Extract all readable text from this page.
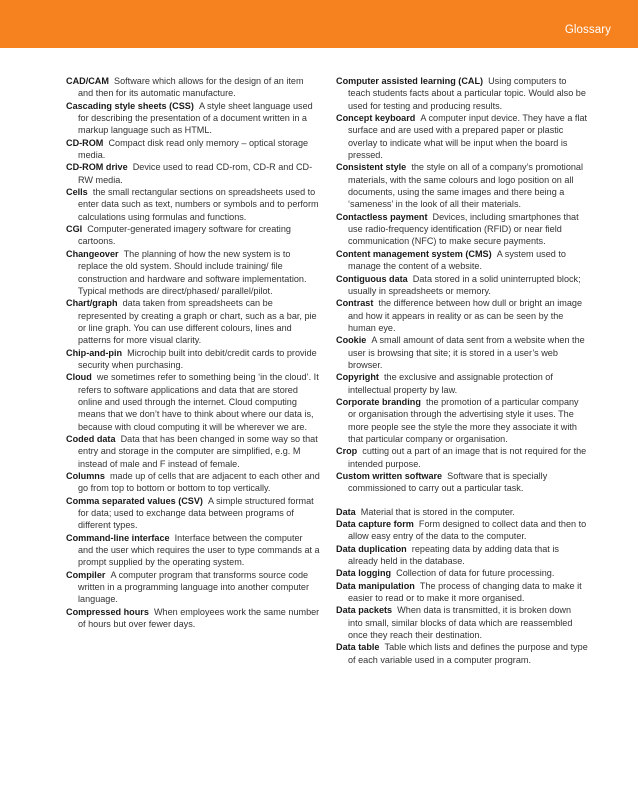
Glossary

CAD/CAM Software which allows for the design of an item and then for its automatic manufacture.

Cascading style sheets (CSS) A style sheet language used for describing the presentation of a document written in a markup language such as HTML.

CD-ROM Compact disk read only memory – optical storage media.

CD-ROM drive Device used to read CD-rom, CD-R and CD-RW media.

Cells the small rectangular sections on spreadsheets used to enter data such as text, numbers or symbols and to perform calculations using formulas and functions.

CGI Computer-generated imagery software for creating cartoons.

Changeover The planning of how the new system is to replace the old system. Should include training/ file construction and hardware and software implementation. Typical methods are direct/phased/ parallel/pilot.

Chart/graph data taken from spreadsheets can be represented by creating a graph or chart, such as a bar, pie or line graph. You can use different colours, lines and patterns for more visual clarity.

Chip-and-pin Microchip built into debit/credit cards to provide security when purchasing.

Cloud we sometimes refer to something being ‘in the cloud’. It refers to software applications and data that are stored online and used through the internet. Cloud computing means that we don’t have to think about where our data is, because with cloud computing it will be wherever we are.

Coded data Data that has been changed in some way so that entry and storage in the computer are simplified, e.g. M instead of male and F instead of female.

Columns made up of cells that are adjacent to each other and go from top to bottom or bottom to top vertically.

Comma separated values (CSV) A simple structured format for data; used to exchange data between programs of different types.

Command-line interface Interface between the computer and the user which requires the user to type commands at a prompt supplied by the operating system.

Compiler A computer program that transforms source code written in a programming language into another computer language.

Compressed hours When employees work the same number of hours but over fewer days.

Computer assisted learning (CAL) Using computers to teach students facts about a particular topic. Would also be used for testing and producing results.

Concept keyboard A computer input device. They have a flat surface and are used with a prepared paper or plastic overlay to indicate what will be input when the board is pressed.

Consistent style the style on all of a company’s promotional materials, with the same colours and logo position on all documents, using the same images and there being a ‘sameness’ in the look of all their materials.

Contactless payment Devices, including smartphones that use radio-frequency identification (RFID) or near field communication (NFC) to make secure payments.

Content management system (CMS) A system used to manage the content of a website.

Contiguous data Data stored in a solid uninterrupted block; usually in spreadsheets or memory.

Contrast the difference between how dull or bright an image and how it appears in reality or as can be seen by the human eye.

Cookie A small amount of data sent from a website when the user is browsing that site; it is stored in a user’s web browser.

Copyright the exclusive and assignable protection of intellectual property by law.

Corporate branding the promotion of a particular company or organisation through the advertising style it uses. The more people see the style the more they associate it with that particular company or organisation.

Crop cutting out a part of an image that is not required for the intended purpose.

Custom written software Software that is specially commissioned to carry out a particular task.

Data Material that is stored in the computer.

Data capture form Form designed to collect data and then to allow easy entry of the data to the computer.

Data duplication repeating data by adding data that is already held in the database.

Data logging Collection of data for future processing.

Data manipulation The process of changing data to make it easier to read or to make it more organised.

Data packets When data is transmitted, it is broken down into small, similar blocks of data which are reassembled once they reach their destination.

Data table Table which lists and defines the purpose and type of each variable used in a computer program.
